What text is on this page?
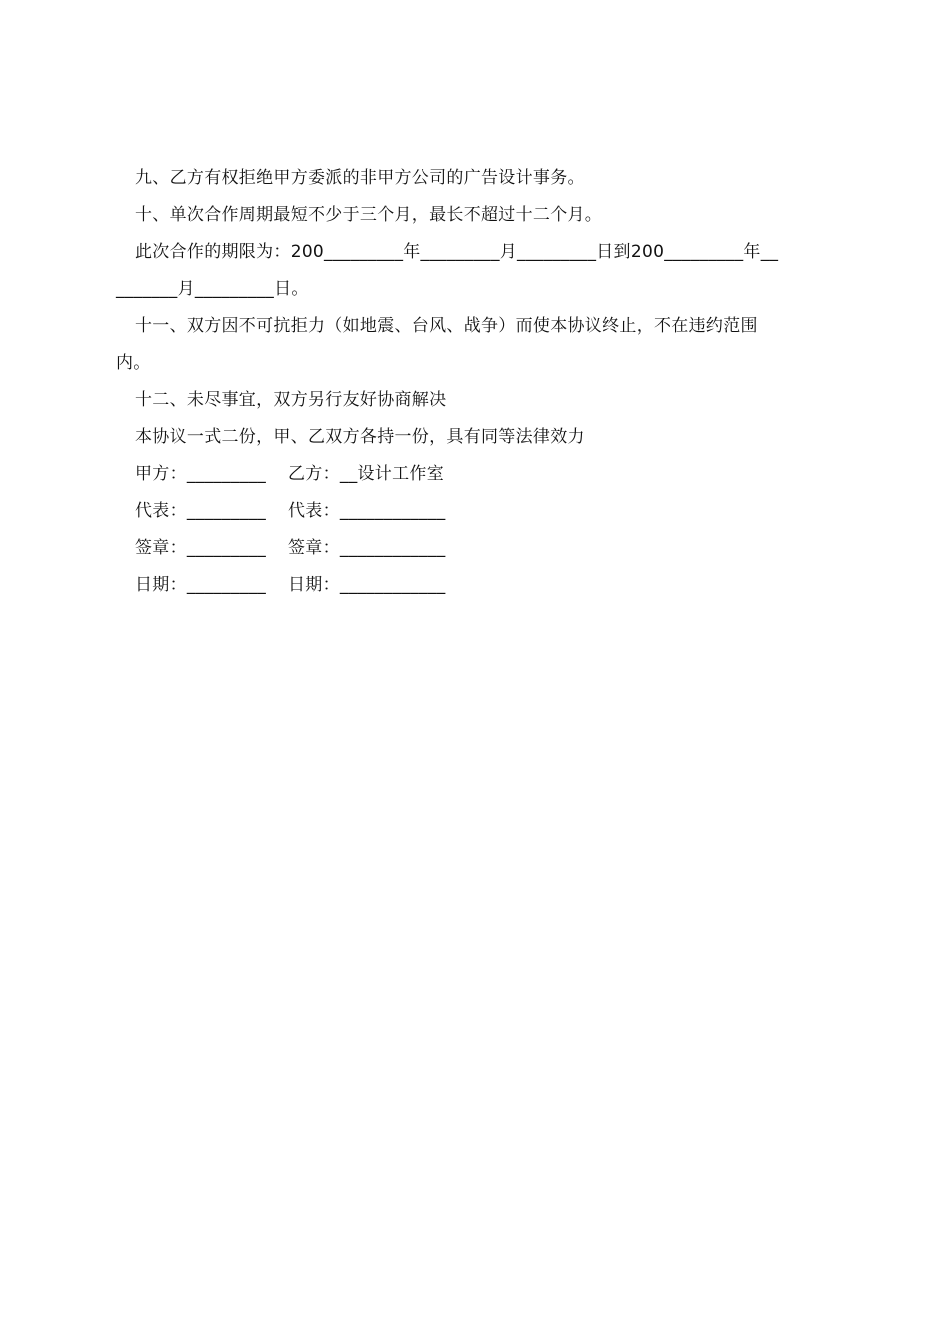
九、乙方有权拒绝甲方委派的非甲方公司的广告设计事务。
十、单次合作周期最短不少于三个月，最长不超过十二个月。
此次合作的期限为：200_________年_________月_________日到200_________年__
_______月_________日。
十一、双方因不可抗拒力（如地震、台风、战争）而使本协议终止，不在违约范围
内。
十二、未尽事宜，双方另行友好协商解决
本协议一式二份，甲、乙双方各持一份，具有同等法律效力
甲方：_________ 乙方：__设计工作室
代表：_________ 代表：____________
签章：_________ 签章：____________
日期：_________ 日期：____________
